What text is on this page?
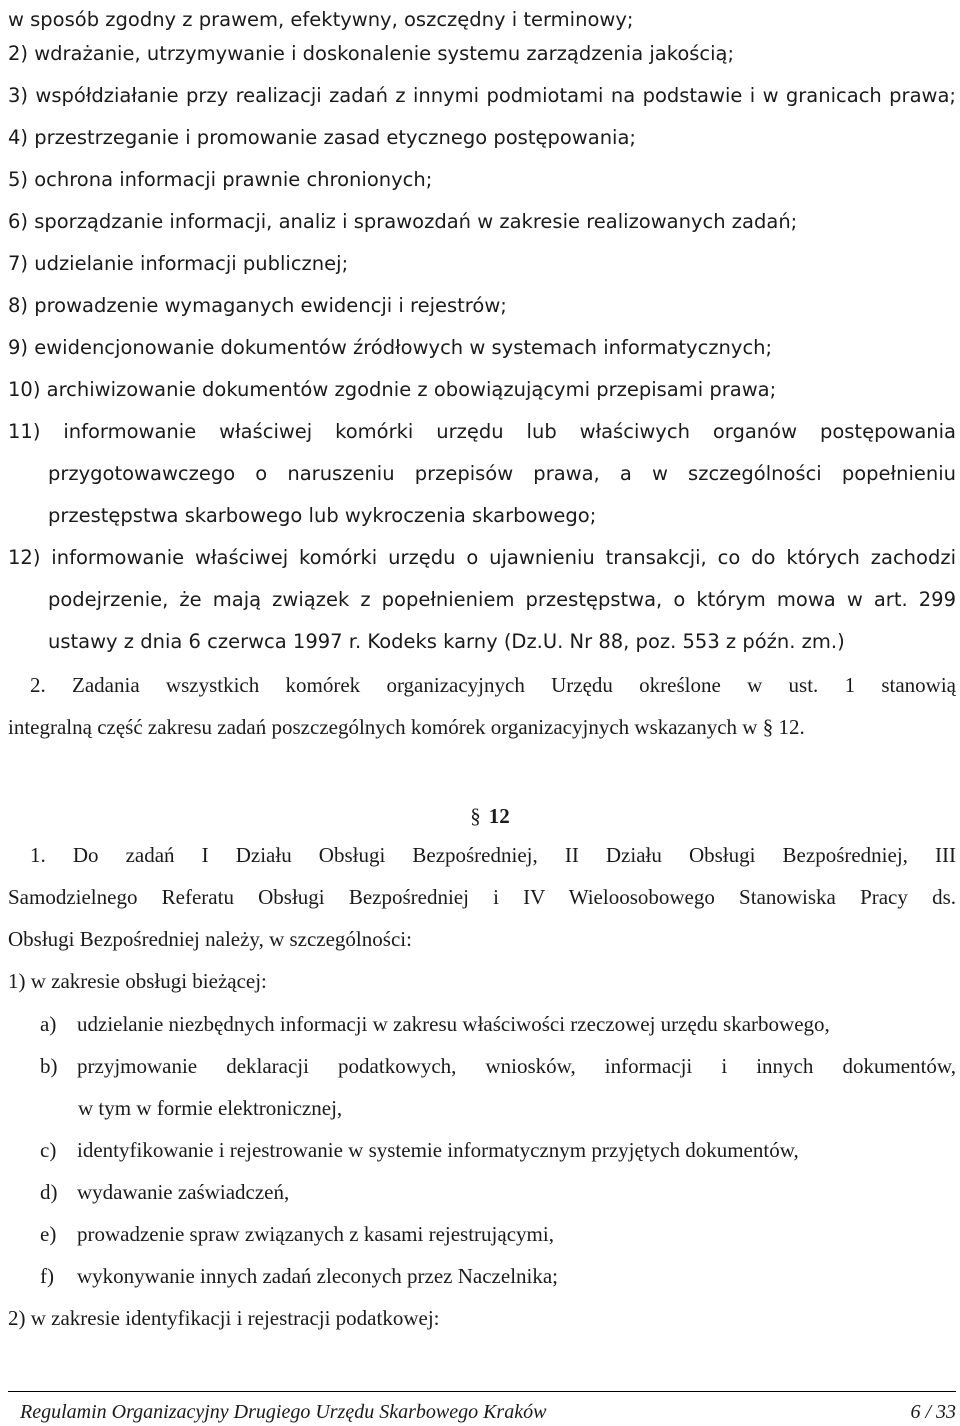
w sposób zgodny z prawem, efektywny, oszczędny i terminowy;
2) wdrażanie, utrzymywanie i doskonalenie systemu zarządzenia jakością;
3) współdziałanie przy realizacji zadań z innymi podmiotami na podstawie i w granicach prawa;
4) przestrzeganie i promowanie zasad etycznego postępowania;
5) ochrona informacji prawnie chronionych;
6) sporządzanie informacji, analiz i sprawozdań w zakresie realizowanych zadań;
7) udzielanie informacji publicznej;
8) prowadzenie wymaganych ewidencji i rejestrów;
9) ewidencjonowanie dokumentów źródłowych w systemach informatycznych;
10) archiwizowanie dokumentów zgodnie z obowiązującymi przepisami prawa;
11) informowanie właściwej komórki urzędu lub właściwych organów postępowania
przygotowawczego o naruszeniu przepisów prawa, a w szczególności popełnieniu
przestępstwa skarbowego lub wykroczenia skarbowego;
12) informowanie właściwej komórki urzędu o ujawnieniu transakcji, co do których zachodzi
podejrzenie, że mają związek z popełnieniem przestępstwa, o którym mowa w art. 299
ustawy z dnia 6 czerwca 1997 r. Kodeks karny (Dz.U. Nr 88, poz. 553 z późn. zm.)
2. Zadania wszystkich komórek organizacyjnych Urzędu określone w ust. 1 stanowią
integralną część zakresu zadań poszczególnych komórek organizacyjnych wskazanych w § 12.
§ 12
1. Do zadań I Działu Obsługi Bezpośredniej, II Działu Obsługi Bezpośredniej, III
Samodzielnego Referatu Obsługi Bezpośredniej i IV Wieloosobowego Stanowiska Pracy ds.
Obsługi Bezpośredniej należy, w szczególności:
1) w zakresie obsługi bieżącej:
a) udzielanie niezbędnych informacji w zakresu właściwości rzeczowej urzędu skarbowego,
b) przyjmowanie deklaracji podatkowych, wniosków, informacji i innych dokumentów,
w tym w formie elektronicznej,
c) identyfikowanie i rejestrowanie w systemie informatycznym przyjętych dokumentów,
d) wydawanie zaświadczeń,
e) prowadzenie spraw związanych z kasami rejestrującymi,
f) wykonywanie innych zadań zleconych przez Naczelnika;
2) w zakresie identyfikacji i rejestracji podatkowej:
Regulamin Organizacyjny Drugiego Urzędu Skarbowego Kraków	6 / 33
